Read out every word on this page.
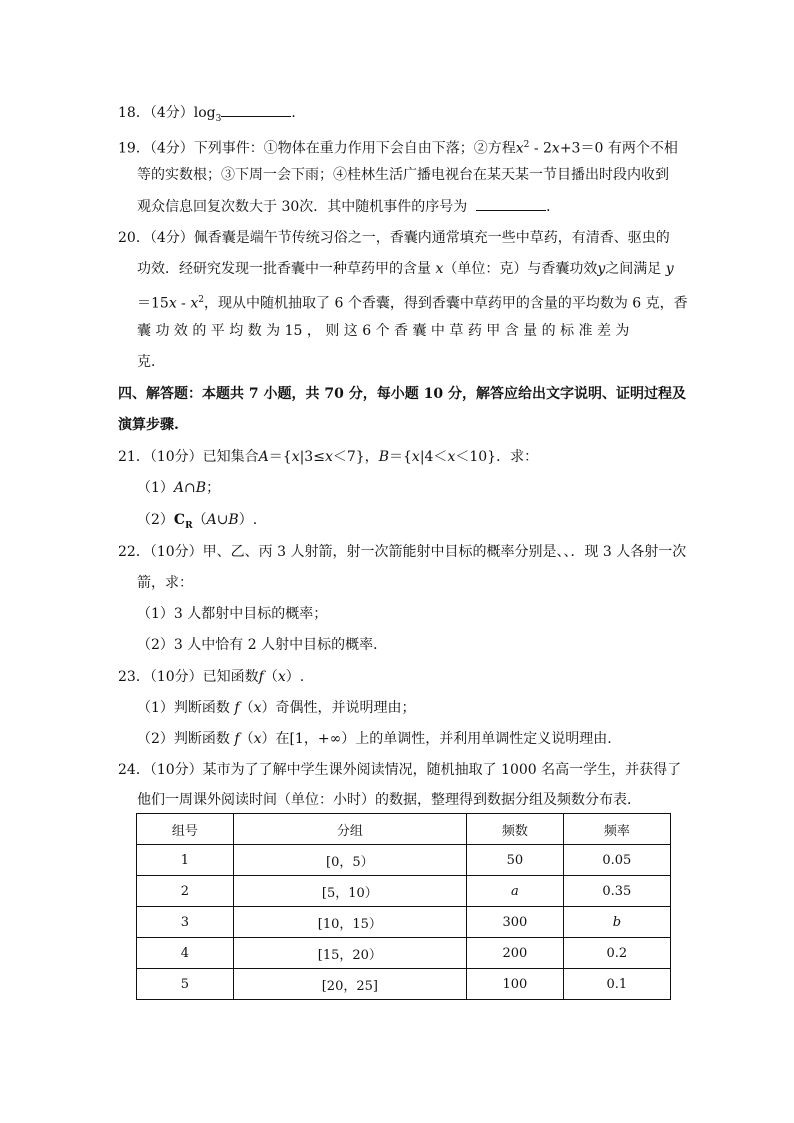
18．（4分）$\log_3$	．
19．（4分）下列事件：①物体在重力作用下会自由下落；②方程$x^2 - 2x+3=0$ 有两个不相
等的实数根；③下周一会下雨；④桂林生活广播电视台在某天某一节目播出时段内收到
观众信息回复次数大于 30次．其中随机事件的序号为	．
20．（4分）佩香囊是端午节传统习俗之一，香囊内通常填充一些中草药，有清香、驱虫的
功效．经研究发现一批香囊中一种草药甲的含量 x（单位：克）与香囊功效y之间满足 y
$=15x - x^2$，现从中随机抽取了 6 个香囊，得到香囊中草药甲的含量的平均数为 6 克，香
囊 功 效 的 平 均 数 为 15 ， 则 这 6 个 香 囊 中 草 药 甲 含 量 的 标 准 差 为
克．
四、解答题：本题共 7 小题，共 70 分，每小题 10 分，解答应给出文字说明、证明过程及
演算步骤.
21．（10分）已知集合A＝{x|3≤x＜7}，B＝{x|4＜x＜10}．求：
（1）A∩B；
$(2)C_R(A\cup B)$.
22．（10分）甲、乙、丙 3 人射箭，射一次箭能射中目标的概率分别是、、．现 3 人各射一次
箭，求：
（1）3 人都射中目标的概率；
（2）3 人中恰有 2 人射中目标的概率．
23．（10分）已知函数f（x）.
（1）判断函数 f（x）奇偶性，并说明理由；
（2）判断函数 f（x）在[1，+∞）上的单调性，并利用单调性定义说明理由.
24．（10分）某市为了了解中学生课外阅读情况，随机抽取了 1000 名高一学生，并获得了
他们一周课外阅读时间（单位：小时）的数据，整理得到数据分组及频数分布表．
组号	分组	频数	频率
1	[0，5）	50	0.05
2	[5，10）	a	0.35
3	[10，15）	300	b
4	[15，20）	200	0.2
5	[20，25]	100	0.1
